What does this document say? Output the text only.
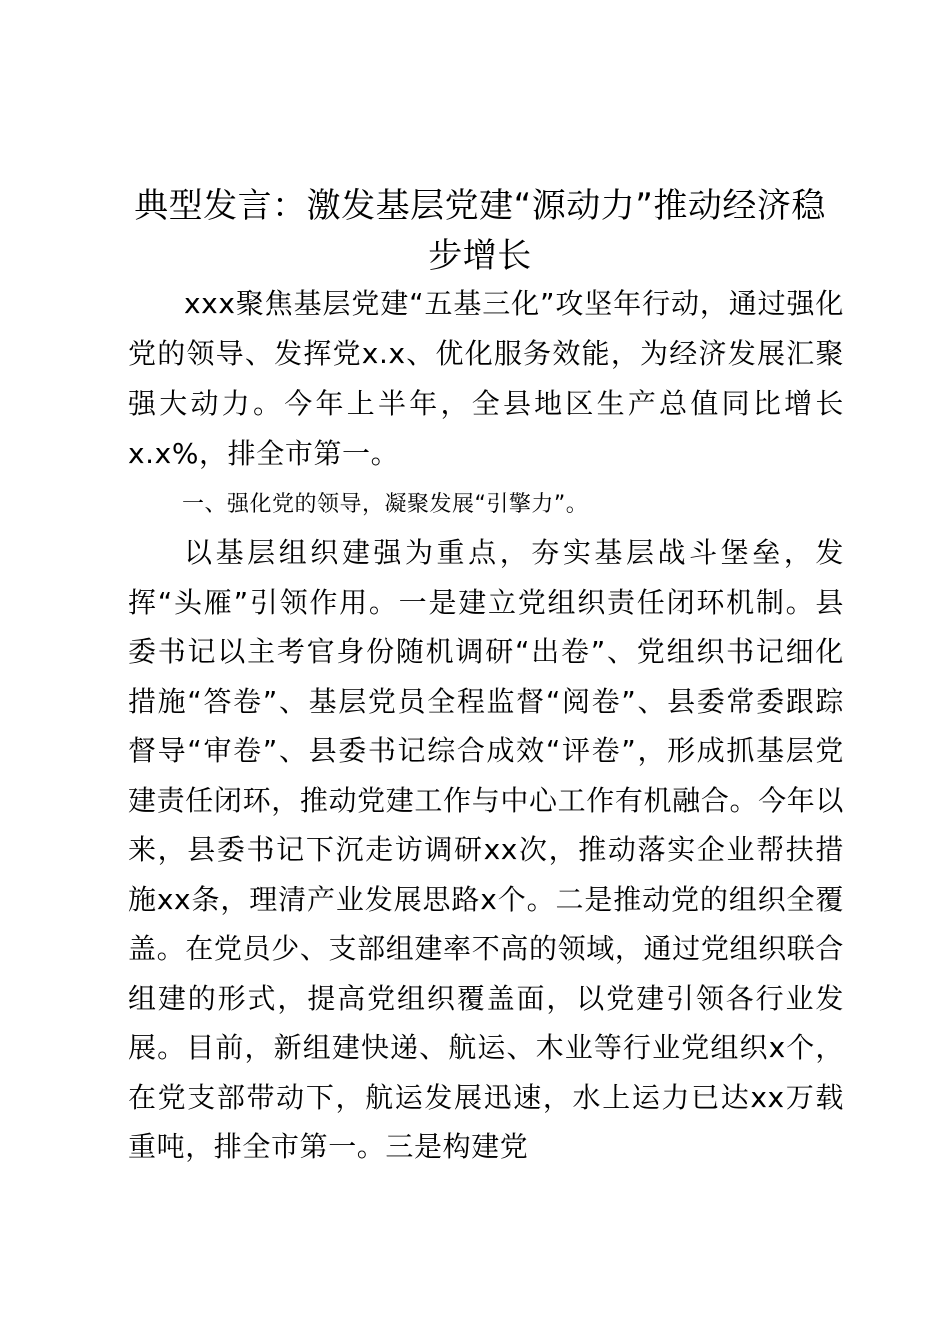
典型发言：激发基层党建“源动力”推动经济稳步增长
xxx聚焦基层党建“五基三化”攻坚年行动，通过强化党的领导、发挥党x.x、优化服务效能，为经济发展汇聚强大动力。今年上半年，全县地区生产总值同比增长x.x%，排全市第一。
一、强化党的领导，凝聚发展“引擎力”。
以基层组织建强为重点，夯实基层战斗堡垒，发挥“头雁”引领作用。一是建立党组织责任闭环机制。县委书记以主考官身份随机调研“出卷”、党组织书记细化措施“答卷”、基层党员全程监督“阅卷”、县委常委跟踪督导“审卷”、县委书记综合成效“评卷”，形成抓基层党建责任闭环，推动党建工作与中心工作有机融合。今年以来，县委书记下沉走访调研xx次，推动落实企业帮扶措施xx条，理清产业发展思路x个。二是推动党的组织全覆盖。在党员少、支部组建率不高的领域，通过党组织联合组建的形式，提高党组织覆盖面，以党建引领各行业发展。目前，新组建快递、航运、木业等行业党组织x个，在党支部带动下，航运发展迅速，水上运力已达xx万载重吨，排全市第一。三是构建党
